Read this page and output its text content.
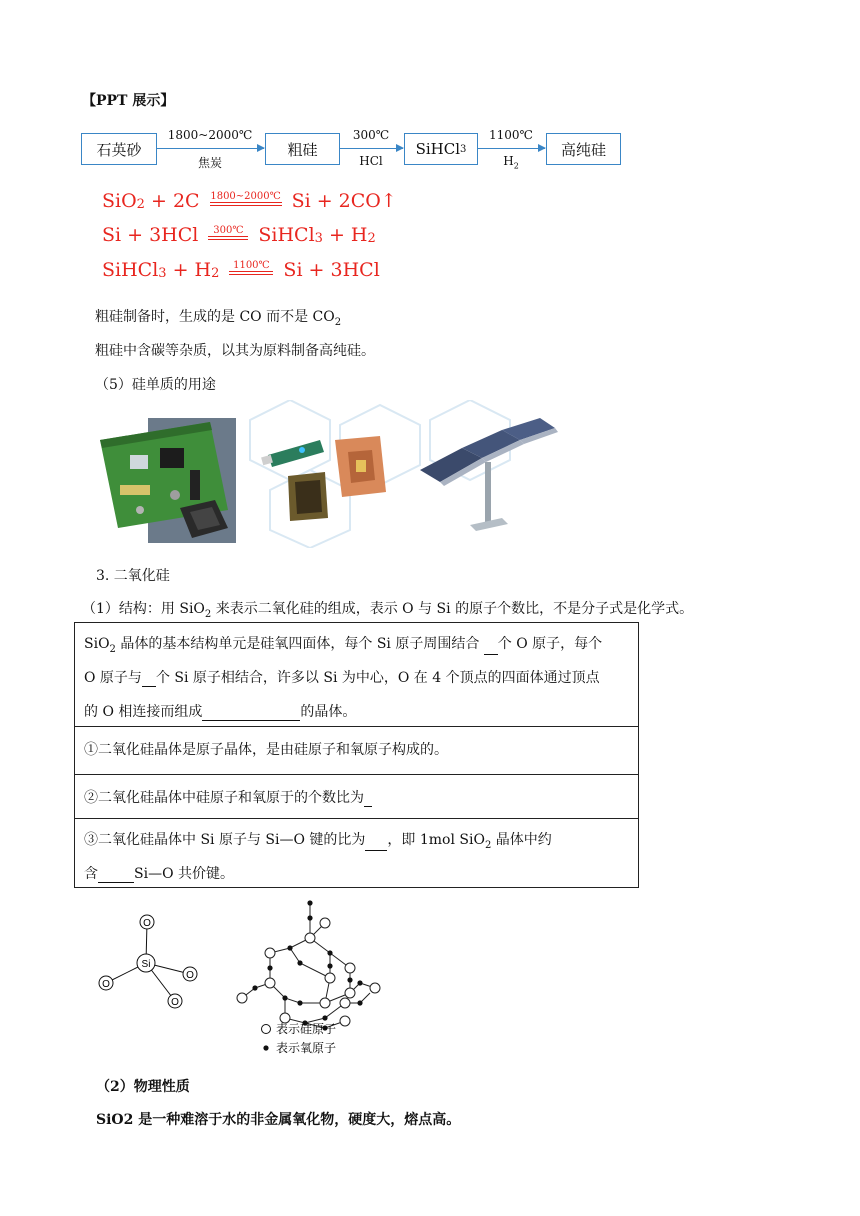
【PPT 展示】
石英砂
1800~2000℃
焦炭
粗硅
300℃
HCl
SiHCl 3
1100℃
$H_2$
高纯硅
SiO 2 + 2C 1800~2000℃ Si + 2CO↑
Si + 3HCl	300℃ SiHCl 3 + H 2
SiHCl 3 + H 2
1100℃ Si + 3HCl
粗硅制备时，生成的是 CO 而不是 $CO_2$
粗硅中含碳等杂质，以其为原料制备高纯硅。
（5）硅单质的用途
3. 二氧化硅
（1）结构：用 SiO$_2$ 来表示二氧化硅的组成，表示 O 与 Si 的原子个数比，不是分子式是化学式。
SiO$_2$ 晶体的基本结构单元是硅氧四面体，每个 Si 原子周围结合 个 O 原子，每个
O 原子与 个 Si 原子相结合，许多以 Si 为中心，O 在 4 个顶点的四面体通过顶点
的 O 相连接而组成	的晶体。
①二氧化硅晶体是原子晶体，是由硅原子和氧原子构成的。
②二氧化硅晶体中硅原子和氧原于的个数比为
③二氧化硅晶体中 Si 原子与 Si—O 键的比为 ，即 1mol SiO$_2$ 晶体中约
含	Si—O 共价键。
O
Si
O
O
O
表示硅原子
表示氧原子
（2）物理性质
SiO2 是一种难溶于水的非金属氧化物，硬度大，熔点高。
